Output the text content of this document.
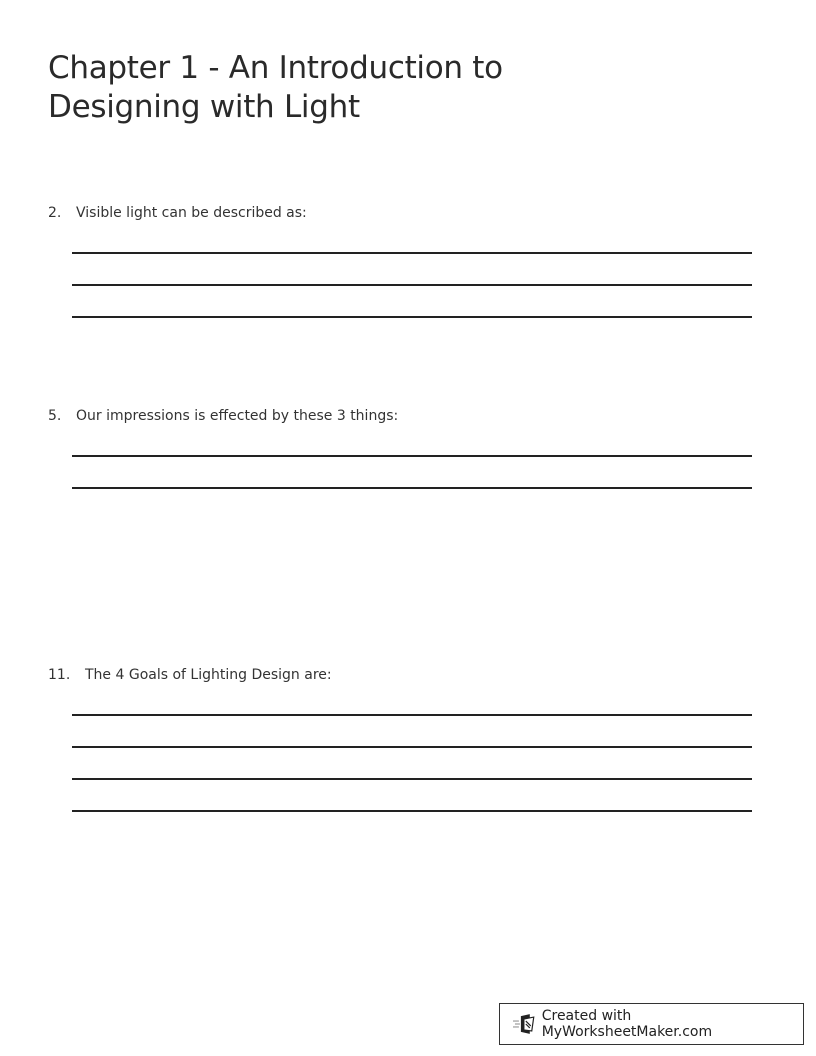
Chapter 1 - An Introduction to
Designing with Light
2. Visible light can be described as:
5. Our impressions is effected by these 3 things:
11. The 4 Goals of Lighting Design are:
Created with MyWorksheetMaker.com
